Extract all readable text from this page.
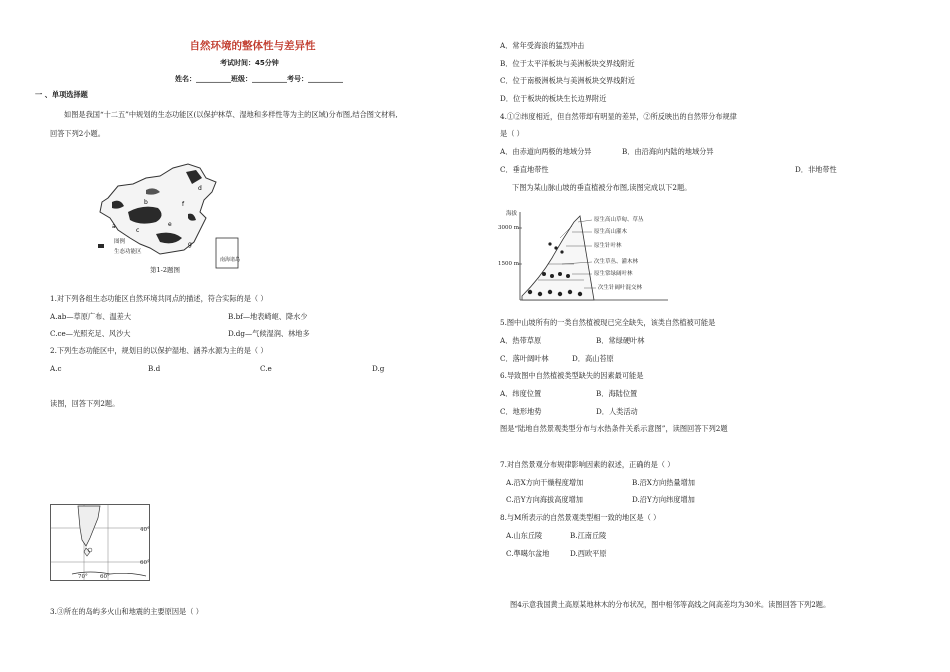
自然环境的整体性与差异性
考试时间：45分钟
姓名：__________班级：__________考号：__________
一 、单项选择题
如图是我国“十二五”中规划的生态功能区(以保护林草、湿地和多样性等为主的区域)分布图,结合图文材料,
回答下列2小题。
a
b
c
d
e
f
g
图例
生态功能区
南海诸岛
第1-2题图
1.对下列各组生态功能区自然环境共同点的描述，符合实际的是（ ）
A.ab—草原广布、温差大	B.bf—地表崎岖、降水少
C.ce—光照充足、风沙大	D.dg—气候湿润、林地多
2.下列生态功能区中，规划目的以保护湿地、涵养水源为主的是（ ）
A.c	B.d	C.e	D.g
读图，回答下列2题。
40°
60°
70° 60°
3.③所在的岛屿多火山和地震的主要原因是（ ）
A．常年受海浪的猛烈冲击
B．位于太平洋板块与美洲板块交界线附近
C．位于南极洲板块与美洲板块交界线附近
D．位于板块的板块生长边界附近
4.①②纬度相近，但自然带却有明显的差异，②所反映出的自然带分布规律
是（ ）
A．由赤道向两极的地域分异	B．由沿海向内陆的地域分异
C．垂直地带性	D．非地带性
下图为某山脉山坡的垂直植被分布图,读图完成以下2题。
海拔
3000 m
1500 m
原生高山草甸、草丛
原生高山灌木
原生针叶林
次生草丛、灌木林
原生常绿阔叶林
次生针阔叶混交林
5.图中山坡所有的一类自然植被现已完全缺失，该类自然植被可能是
A．热带草原	B．常绿硬叶林
C．落叶阔叶林	D．高山苔原
6.导致图中自然植被类型缺失的因素最可能是
A．纬度位置	B．海陆位置
C．地形地势	D．人类活动
图是“陆地自然景观类型分布与水热条件关系示意图”，读图回答下列2题
7.对自然景观分布规律影响因素的叙述，正确的是（ ）
A.沿X方向干燥程度增加	B.沿X方向热量增加
C.沿Y方向海拔高度增加	D.沿Y方向纬度增加
8.与M所表示的自然景观类型相一致的地区是（ ）
A.山东丘陵	B.江南丘陵
C.準噶尔盆地	D.西欧平原
图4示意我国黄土高原某地林木的分布状况，图中相邻等高线之间高差均为30米。读图回答下列2题。
